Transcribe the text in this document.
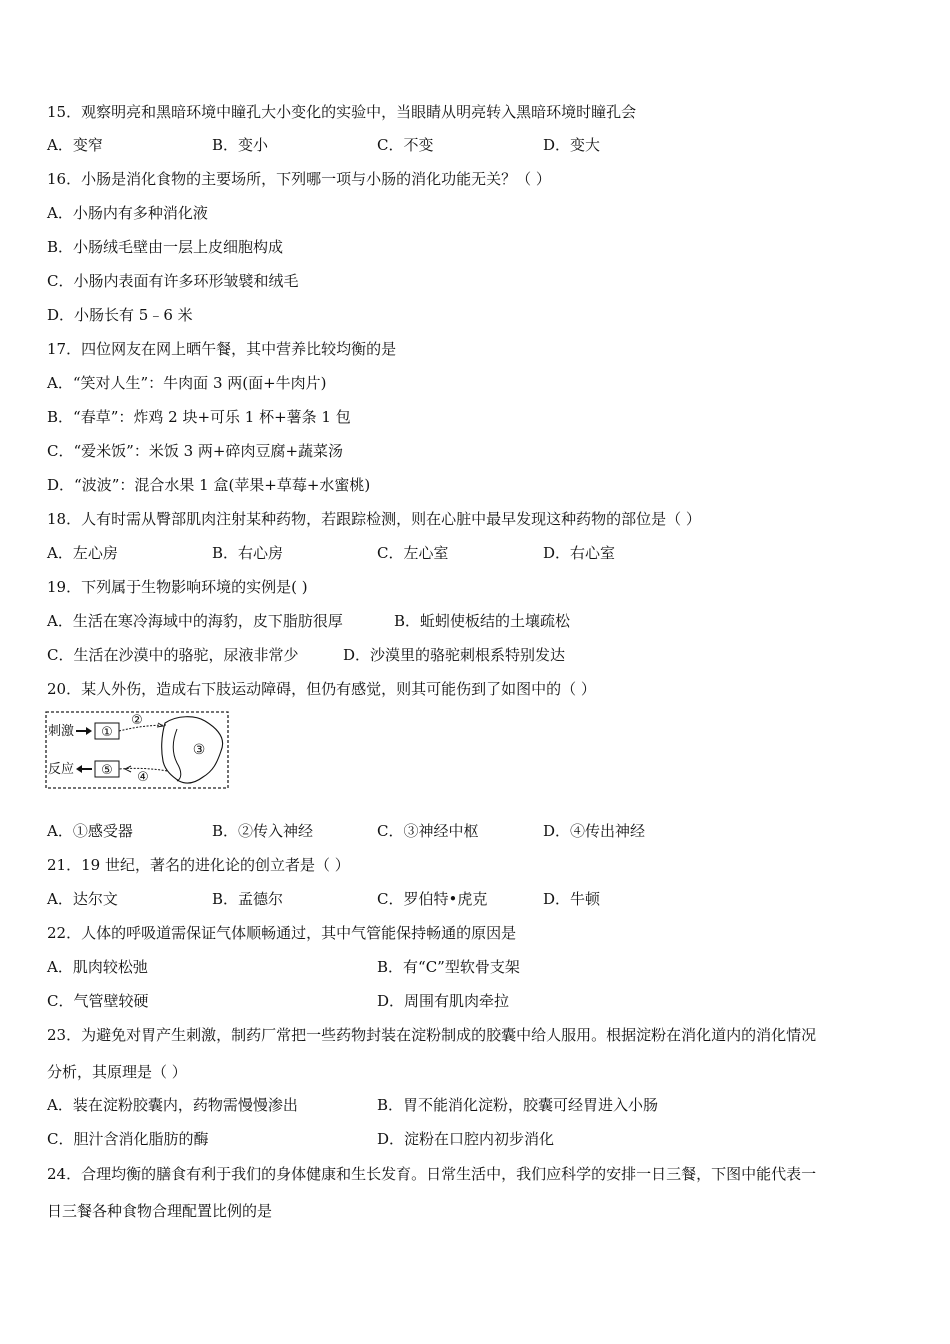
15．观察明亮和黑暗环境中瞳孔大小变化的实验中，当眼睛从明亮转入黑暗环境时瞳孔会
A．变窄	B．变小	C．不变	D．变大
16．小肠是消化食物的主要场所，下列哪一项与小肠的消化功能无关？（ ）
A．小肠内有多种消化液
B．小肠绒毛壁由一层上皮细胞构成
C．小肠内表面有许多环形皱襞和绒毛
D．小肠长有 5﹣6 米
17．四位网友在网上晒午餐，其中营养比较均衡的是
A．“笑对人生”：牛肉面 3 两(面+牛肉片)
B．“春草”：炸鸡 2 块+可乐 1 杯+薯条 1 包
C．“爱米饭”：米饭 3 两+碎肉豆腐+蔬菜汤
D．“波波”：混合水果 1 盒(苹果+草莓+水蜜桃)
18．人有时需从臀部肌肉注射某种药物，若跟踪检测，则在心脏中最早发现这种药物的部位是（ ）
A．左心房	B．右心房	C．左心室	D．右心室
19．下列属于生物影响环境的实例是( )
A．生活在寒冷海域中的海豹，皮下脂肪很厚	B．蚯蚓使板结的土壤疏松
C．生活在沙漠中的骆驼，尿液非常少	D．沙漠里的骆驼刺根系特别发达
20．某人外伤，造成右下肢运动障碍，但仍有感觉，则其可能伤到了如图中的（ ）
刺激
反应
①
⑤
②
③
④
A．①感受器	B．②传入神经	C．③神经中枢	D．④传出神经
21．19 世纪，著名的进化论的创立者是（ ）
A．达尔文	B．孟德尔	C．罗伯特•虎克	D．牛顿
22．人体的呼吸道需保证气体顺畅通过，其中气管能保持畅通的原因是
A．肌肉较松弛	B．有“C”型软骨支架
C．气管壁较硬	D．周围有肌肉牵拉
23．为避免对胃产生刺激，制药厂常把一些药物封装在淀粉制成的胶囊中给人服用。根据淀粉在消化道内的消化情况
分析，其原理是（ ）
A．装在淀粉胶囊内，药物需慢慢渗出	B．胃不能消化淀粉，胶囊可经胃进入小肠
C．胆汁含消化脂肪的酶	D．淀粉在口腔内初步消化
24．合理均衡的膳食有利于我们的身体健康和生长发育。日常生活中，我们应科学的安排一日三餐，下图中能代表一
日三餐各种食物合理配置比例的是
